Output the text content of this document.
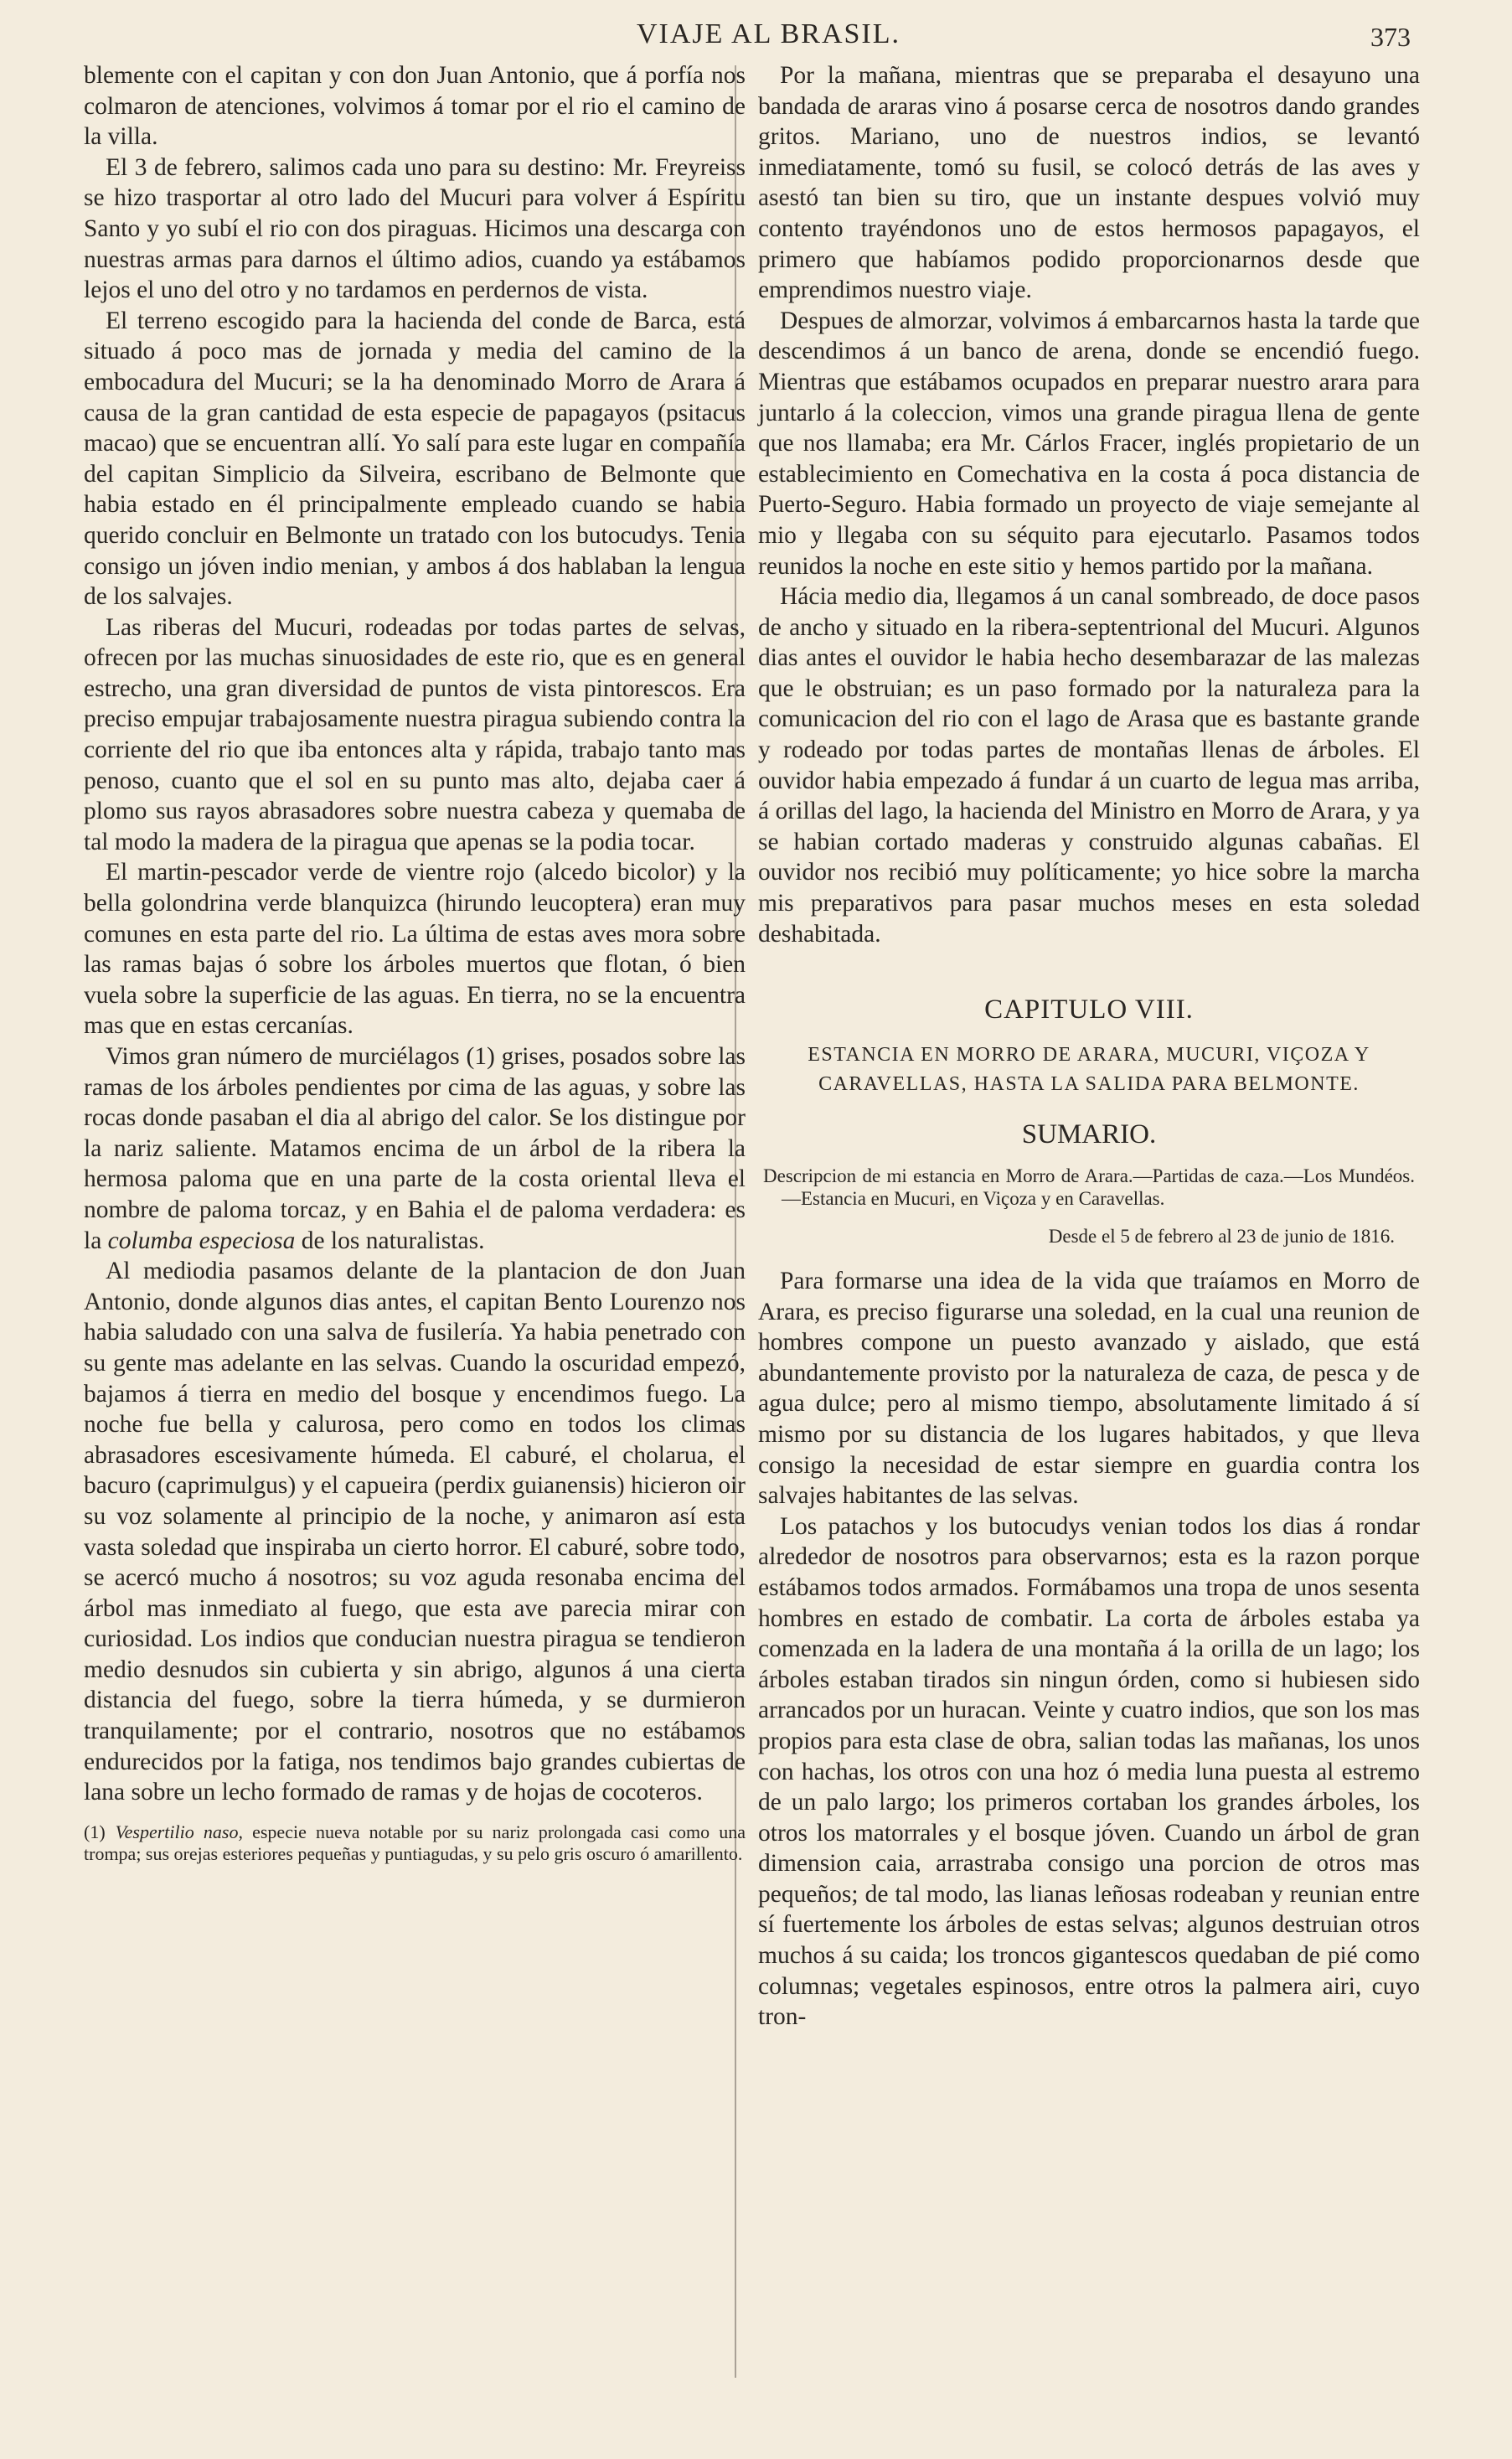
VIAJE AL BRASIL.	373

blemente con el capitan y con don Juan Antonio, que á porfía nos colmaron de atenciones, volvimos á tomar por el rio el camino de la villa.

El 3 de febrero, salimos cada uno para su destino: Mr. Freyreiss se hizo trasportar al otro lado del Mucuri para volver á Espíritu Santo y yo subí el rio con dos piraguas. Hicimos una descarga con nuestras armas para darnos el último adios, cuando ya estábamos lejos el uno del otro y no tardamos en perdernos de vista.

El terreno escogido para la hacienda del conde de Barca, está situado á poco mas de jornada y media del camino de la embocadura del Mucuri; se la ha denominado Morro de Arara á causa de la gran cantidad de esta especie de papagayos (psitacus macao) que se encuentran allí. Yo salí para este lugar en compañía del capitan Simplicio da Silveira, escribano de Belmonte que habia estado en él principalmente empleado cuando se habia querido concluir en Belmonte un tratado con los butocudys. Tenia consigo un jóven indio menian, y ambos á dos hablaban la lengua de los salvajes.

Las riberas del Mucuri, rodeadas por todas partes de selvas, ofrecen por las muchas sinuosidades de este rio, que es en general estrecho, una gran diversidad de puntos de vista pintorescos. Era preciso empujar trabajosamente nuestra piragua subiendo contra la corriente del rio que iba entonces alta y rápida, trabajo tanto mas penoso, cuanto que el sol en su punto mas alto, dejaba caer á plomo sus rayos abrasadores sobre nuestra cabeza y quemaba de tal modo la madera de la piragua que apenas se la podia tocar.

El martin-pescador verde de vientre rojo (alcedo bicolor) y la bella golondrina verde blanquizca (hirundo leucoptera) eran muy comunes en esta parte del rio. La última de estas aves mora sobre las ramas bajas ó sobre los árboles muertos que flotan, ó bien vuela sobre la superficie de las aguas. En tierra, no se la encuentra mas que en estas cercanías.

Vimos gran número de murciélagos (1) grises, posados sobre las ramas de los árboles pendientes por cima de las aguas, y sobre las rocas donde pasaban el dia al abrigo del calor. Se los distingue por la nariz saliente. Matamos encima de un árbol de la ribera la hermosa paloma que en una parte de la costa oriental lleva el nombre de paloma torcaz, y en Bahia el de paloma verdadera: es la columba especiosa de los naturalistas.

Al mediodia pasamos delante de la plantacion de don Juan Antonio, donde algunos dias antes, el capitan Bento Lourenzo nos habia saludado con una salva de fusilería. Ya habia penetrado con su gente mas adelante en las selvas. Cuando la oscuridad empezó, bajamos á tierra en medio del bosque y encendimos fuego. La noche fue bella y calurosa, pero como en todos los climas abrasadores escesivamente húmeda. El caburé, el cholarua, el bacuro (caprimulgus) y el capueira (perdix guianensis) hicieron oir su voz solamente al principio de la noche, y animaron así esta vasta soledad que inspiraba un cierto horror. El caburé, sobre todo, se acercó mucho á nosotros; su voz aguda resonaba encima del árbol mas inmediato al fuego, que esta ave parecia mirar con curiosidad. Los indios que conducian nuestra piragua se tendieron medio desnudos sin cubierta y sin abrigo, algunos á una cierta distancia del fuego, sobre la tierra húmeda, y se durmieron tranquilamente; por el contrario, nosotros que no estábamos endurecidos por la fatiga, nos tendimos bajo grandes cubiertas de lana sobre un lecho formado de ramas y de hojas de cocoteros.

(1) Vespertilio naso, especie nueva notable por su nariz prolongada casi como una trompa; sus orejas esteriores pequeñas y puntiagudas, y su pelo gris oscuro ó amarillento.

Por la mañana, mientras que se preparaba el desayuno una bandada de araras vino á posarse cerca de nosotros dando grandes gritos. Mariano, uno de nuestros indios, se levantó inmediatamente, tomó su fusil, se colocó detrás de las aves y asestó tan bien su tiro, que un instante despues volvió muy contento trayéndonos uno de estos hermosos papagayos, el primero que habíamos podido proporcionarnos desde que emprendimos nuestro viaje.

Despues de almorzar, volvimos á embarcarnos hasta la tarde que descendimos á un banco de arena, donde se encendió fuego. Mientras que estábamos ocupados en preparar nuestro arara para juntarlo á la coleccion, vimos una grande piragua llena de gente que nos llamaba; era Mr. Cárlos Fracer, inglés propietario de un establecimiento en Comechativa en la costa á poca distancia de Puerto-Seguro. Habia formado un proyecto de viaje semejante al mio y llegaba con su séquito para ejecutarlo. Pasamos todos reunidos la noche en este sitio y hemos partido por la mañana.

Hácia medio dia, llegamos á un canal sombreado, de doce pasos de ancho y situado en la ribera-septentrional del Mucuri. Algunos dias antes el ouvidor le habia hecho desembarazar de las malezas que le obstruian; es un paso formado por la naturaleza para la comunicacion del rio con el lago de Arasa que es bastante grande y rodeado por todas partes de montañas llenas de árboles. El ouvidor habia empezado á fundar á un cuarto de legua mas arriba, á orillas del lago, la hacienda del Ministro en Morro de Arara, y ya se habian cortado maderas y construido algunas cabañas. El ouvidor nos recibió muy políticamente; yo hice sobre la marcha mis preparativos para pasar muchos meses en esta soledad deshabitada.

CAPITULO VIII.
ESTANCIA EN MORRO DE ARARA, MUCURI, VIÇOZA Y CARAVELLAS, HASTA LA SALIDA PARA BELMONTE.
SUMARIO.
Descripcion de mi estancia en Morro de Arara.—Partidas de caza.—Los Mundéos.—Estancia en Mucuri, en Viçoza y en Caravellas.
Desde el 5 de febrero al 23 de junio de 1816.

Para formarse una idea de la vida que traíamos en Morro de Arara, es preciso figurarse una soledad, en la cual una reunion de hombres compone un puesto avanzado y aislado, que está abundantemente provisto por la naturaleza de caza, de pesca y de agua dulce; pero al mismo tiempo, absolutamente limitado á sí mismo por su distancia de los lugares habitados, y que lleva consigo la necesidad de estar siempre en guardia contra los salvajes habitantes de las selvas.

Los patachos y los butocudys venian todos los dias á rondar alrededor de nosotros para observarnos; esta es la razon porque estábamos todos armados. Formábamos una tropa de unos sesenta hombres en estado de combatir. La corta de árboles estaba ya comenzada en la ladera de una montaña á la orilla de un lago; los árboles estaban tirados sin ningun órden, como si hubiesen sido arrancados por un huracan. Veinte y cuatro indios, que son los mas propios para esta clase de obra, salian todas las mañanas, los unos con hachas, los otros con una hoz ó media luna puesta al estremo de un palo largo; los primeros cortaban los grandes árboles, los otros los matorrales y el bosque jóven. Cuando un árbol de gran dimension caia, arrastraba consigo una porcion de otros mas pequeños; de tal modo, las lianas leñosas rodeaban y reunian entre sí fuertemente los árboles de estas selvas; algunos destruian otros muchos á su caida; los troncos gigantescos quedaban de pié como columnas; vegetales espinosos, entre otros la palmera airi, cuyo tron-
